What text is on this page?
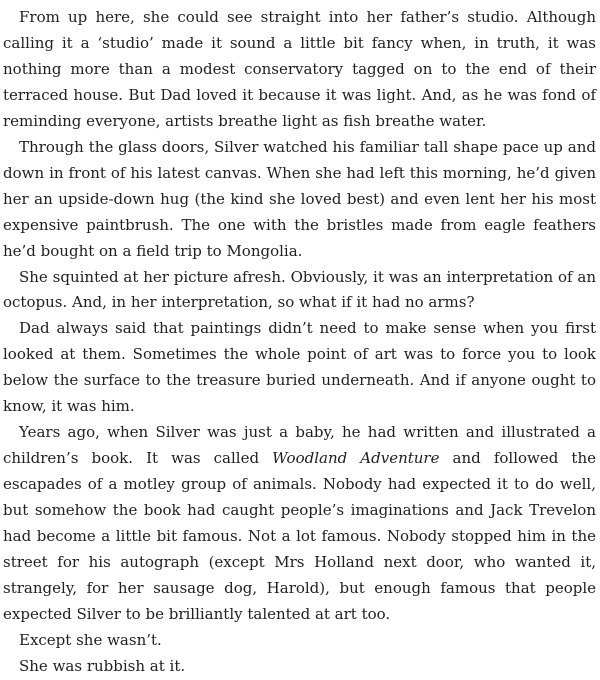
From up here, she could see straight into her father’s studio. Although calling it a ‘studio’ made it sound a little bit fancy when, in truth, it was nothing more than a modest conservatory tagged on to the end of their terraced house. But Dad loved it because it was light. And, as he was fond of reminding everyone, artists breathe light as fish breathe water.

Through the glass doors, Silver watched his familiar tall shape pace up and down in front of his latest canvas. When she had left this morning, he’d given her an upside-down hug (the kind she loved best) and even lent her his most expensive paintbrush. The one with the bristles made from eagle feathers he’d bought on a field trip to Mongolia.

She squinted at her picture afresh. Obviously, it was an interpretation of an octopus. And, in her interpretation, so what if it had no arms?

Dad always said that paintings didn’t need to make sense when you first looked at them. Sometimes the whole point of art was to force you to look below the surface to the treasure buried underneath. And if anyone ought to know, it was him.

Years ago, when Silver was just a baby, he had written and illustrated a children’s book. It was called Woodland Adventure and followed the escapades of a motley group of animals. Nobody had expected it to do well, but somehow the book had caught people’s imaginations and Jack Trevelon had become a little bit famous. Not a lot famous. Nobody stopped him in the street for his autograph (except Mrs Holland next door, who wanted it, strangely, for her sausage dog, Harold), but enough famous that people expected Silver to be brilliantly talented at art too.

Except she wasn’t.

She was rubbish at it.
